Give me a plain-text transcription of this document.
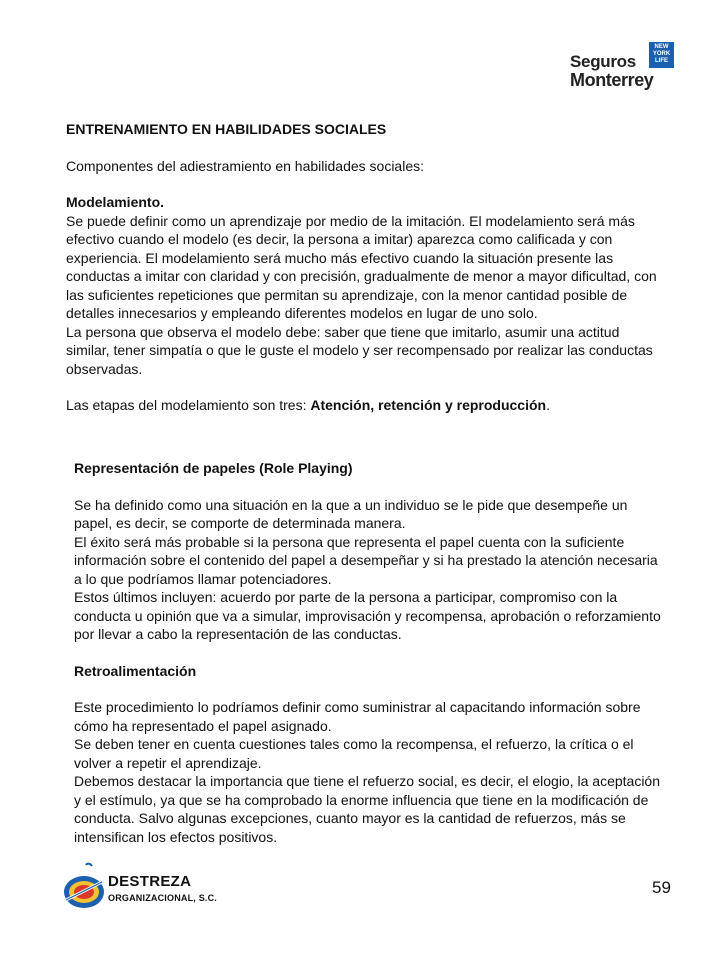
Seguros
Monterrey
NEW
YORK
LIFE

ENTRENAMIENTO EN HABILIDADES SOCIALES

Componentes del adiestramiento en habilidades sociales:

Modelamiento.

Se puede definir como un aprendizaje por medio de la imitación. El modelamiento será más efectivo cuando el modelo (es decir, la persona a imitar) aparezca como calificada y con experiencia. El modelamiento será mucho más efectivo cuando la situación presente las conductas a imitar con claridad y con precisión, gradualmente de menor a mayor dificultad, con las suficientes repeticiones que permitan su aprendizaje, con la menor cantidad posible de detalles innecesarios y empleando diferentes modelos en lugar de uno solo.

La persona que observa el modelo debe: saber que tiene que imitarlo, asumir una actitud similar, tener simpatía o que le guste el modelo y ser recompensado por realizar las conductas observadas.

Las etapas del modelamiento son tres: Atención, retención y reproducción.

Representación de papeles (Role Playing)

Se ha definido como una situación en la que a un individuo se le pide que desempeñe un papel, es decir, se comporte de determinada manera.

El éxito será más probable si la persona que representa el papel cuenta con la suficiente información sobre el contenido del papel a desempeñar y si ha prestado la atención necesaria a lo que podríamos llamar potenciadores.

Estos últimos incluyen: acuerdo por parte de la persona a participar, compromiso con la conducta u opinión que va a simular, improvisación y recompensa, aprobación o reforzamiento por llevar a cabo la representación de las conductas.

Retroalimentación

Este procedimiento lo podríamos definir como suministrar al capacitando información sobre cómo ha representado el papel asignado.

Se deben tener en cuenta cuestiones tales como la recompensa, el refuerzo, la crítica o el volver a repetir el aprendizaje.

Debemos destacar la importancia que tiene el refuerzo social, es decir, el elogio, la aceptación y el estímulo, ya que se ha comprobado la enorme influencia que tiene en la modificación de conducta. Salvo algunas excepciones, cuanto mayor es la cantidad de refuerzos, más se intensifican los efectos positivos.

DESTREZA
ORGANIZACIONAL, S.C.
59
